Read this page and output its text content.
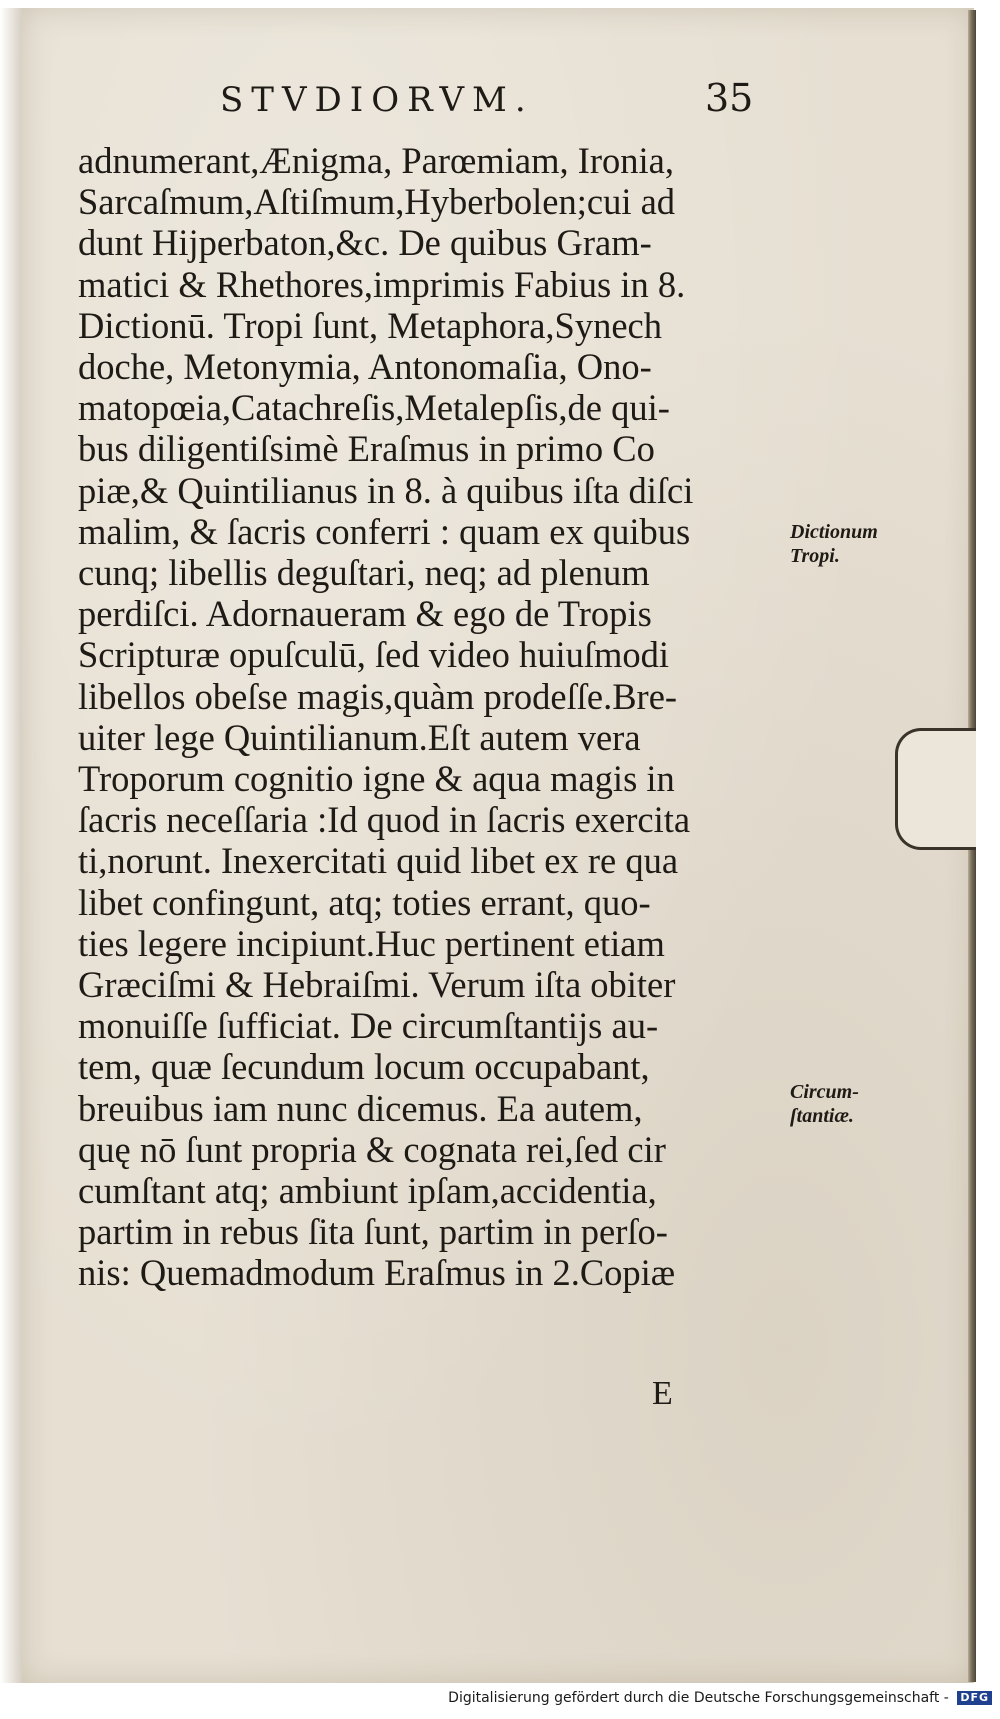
STVDIORVM.	35
adnumerant,Ænigma, Parœmiam, Ironia,
Sarcaſmum,Aſtiſmum,Hyberbolen;cui ad
dunt Hijperbaton,&c. De quibus Gram-
matici & Rhethores,imprimis Fabius in 8.
Dictionū. Tropi ſunt, Metaphora,Synech
doche, Metonymia, Antonomaſia, Ono-
matopœia,Catachreſis,Metalepſis,de qui-
bus diligentiſsimè Eraſmus in primo Co
piæ,& Quintilianus in 8. à quibus iſta diſci
malim, & ſacris conferri : quam ex quibus
cunq; libellis deguſtari, neq; ad plenum
perdiſci. Adornaueram & ego de Tropis
Scripturæ opuſculū, ſed video huiuſmodi
libellos obeſse magis,quàm prodeſſe.Bre-
uiter lege Quintilianum.Eſt autem vera
Troporum cognitio igne & aqua magis in
ſacris neceſſaria :Id quod in ſacris exercita
ti,norunt. Inexercitati quid libet ex re qua
libet confingunt, atq; toties errant, quo-
ties legere incipiunt.Huc pertinent etiam
Græciſmi & Hebraiſmi. Verum iſta obiter
monuiſſe ſufficiat. De circumſtantijs au-
tem, quæ ſecundum locum occupabant,
breuibus iam nunc dicemus. Ea autem,
quę nō ſunt propria & cognata rei,ſed cir
cumſtant atq; ambiunt ipſam,accidentia,
partim in rebus ſita ſunt, partim in perſo-
nis: Quemadmodum Eraſmus in 2.Copiæ
Dictionum
Tropi.
Circum-
ſtantiæ.
E
Digitalisierung gefördert durch die Deutsche Forschungsgemeinschaft - DFG
